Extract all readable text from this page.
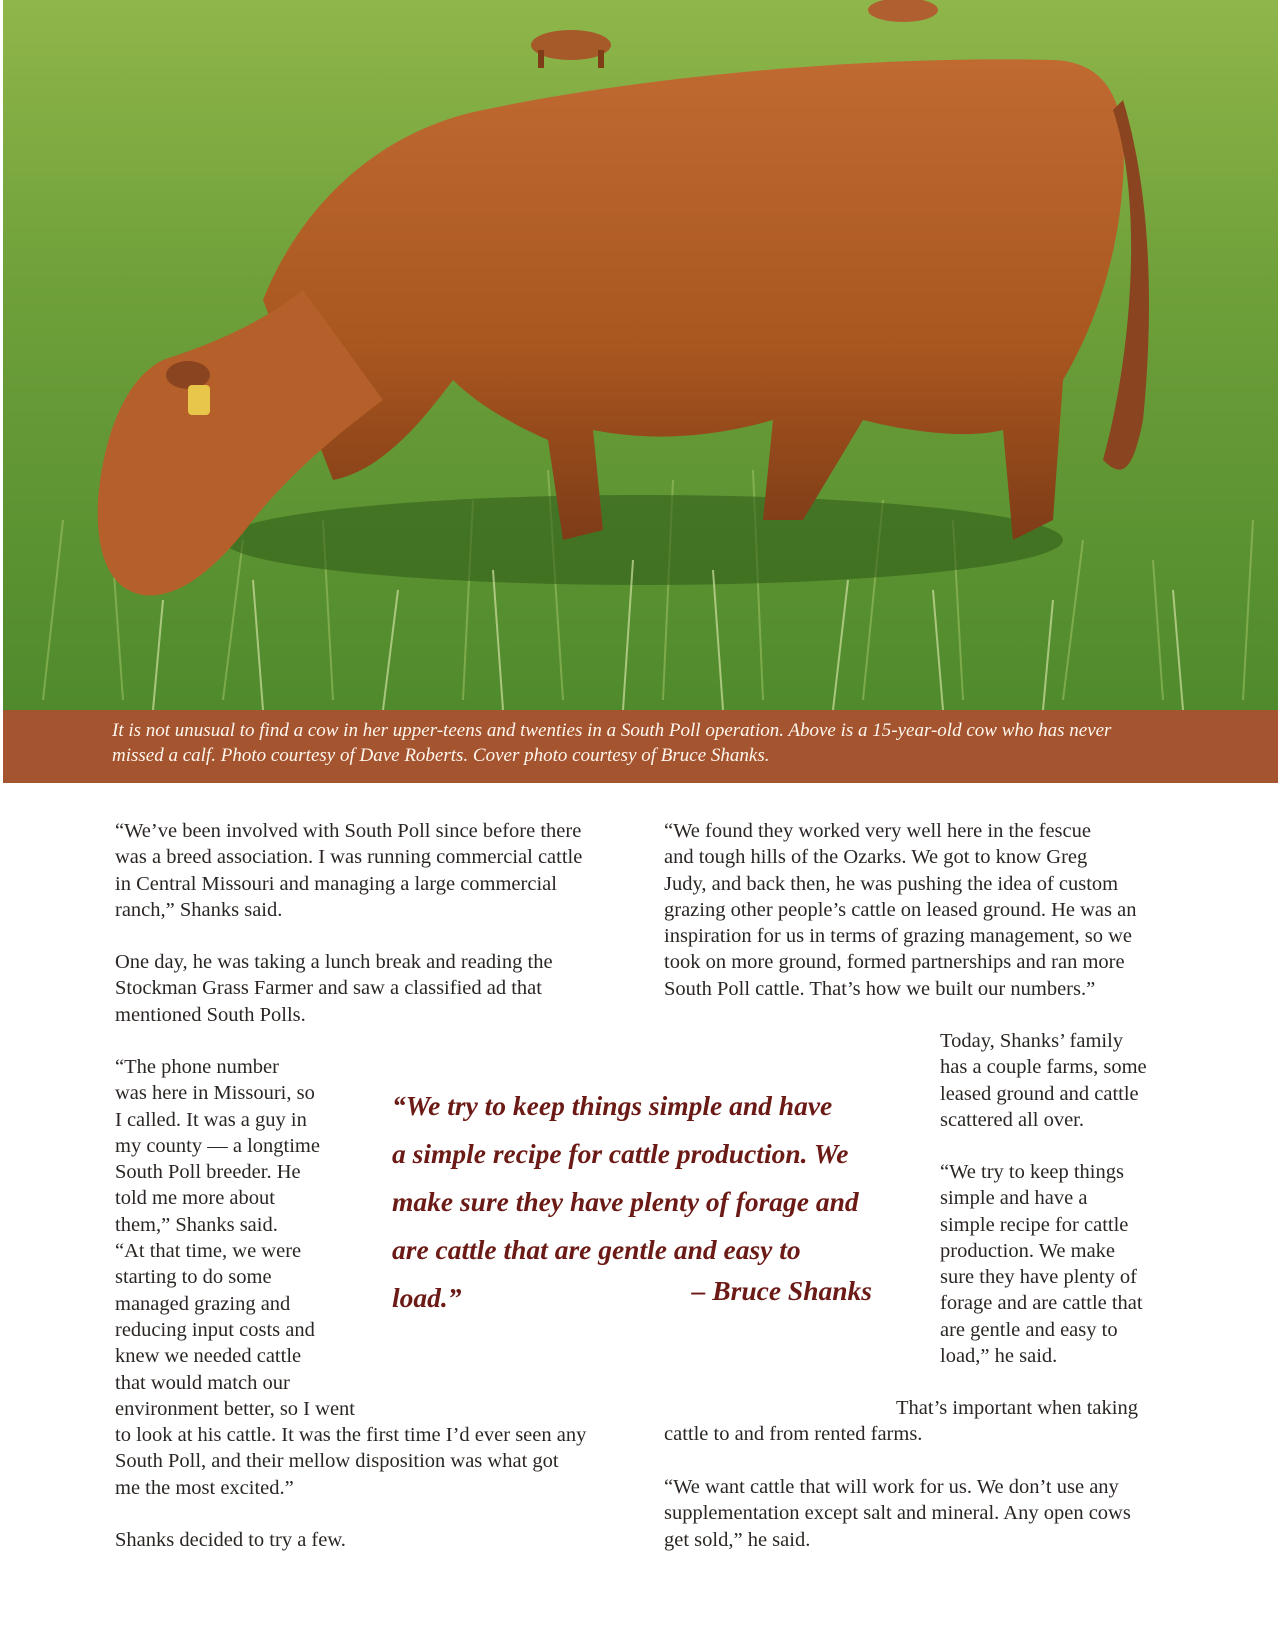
It is not unusual to find a cow in her upper-teens and twenties in a South Poll operation. Above is a 15-year-old cow who has never
missed a calf. Photo courtesy of Dave Roberts. Cover photo courtesy of Bruce Shanks.
“We’ve been involved with South Poll since before there
was a breed association. I was running commercial cattle
in Central Missouri and managing a large commercial
ranch,” Shanks said.
One day, he was taking a lunch break and reading the
Stockman Grass Farmer and saw a classified ad that
mentioned South Polls.
“The phone number
was here in Missouri, so
I called. It was a guy in
my county — a longtime
South Poll breeder. He
told me more about
them,” Shanks said.
“At that time, we were
starting to do some
managed grazing and
reducing input costs and
knew we needed cattle
that would match our
environment better, so I went
to look at his cattle. It was the first time I’d ever seen any
South Poll, and their mellow disposition was what got
me the most excited.”
Shanks decided to try a few.
“We found they worked very well here in the fescue
and tough hills of the Ozarks. We got to know Greg
Judy, and back then, he was pushing the idea of custom
grazing other people’s cattle on leased ground. He was an
inspiration for us in terms of grazing management, so we
took on more ground, formed partnerships and ran more
South Poll cattle. That’s how we built our numbers.”
Today, Shanks’ family
has a couple farms, some
leased ground and cattle
scattered all over.
“We try to keep things
simple and have a
simple recipe for cattle
production. We make
sure they have plenty of
forage and are cattle that
are gentle and easy to
load,” he said.
That’s important when taking
cattle to and from rented farms.
“We want cattle that will work for us. We don’t use any
supplementation except salt and mineral. Any open cows
get sold,” he said.
“We try to keep things simple and have
a simple recipe for cattle production. We
make sure they have plenty of forage and
are cattle that are gentle and easy to load.”	– Bruce Shanks
